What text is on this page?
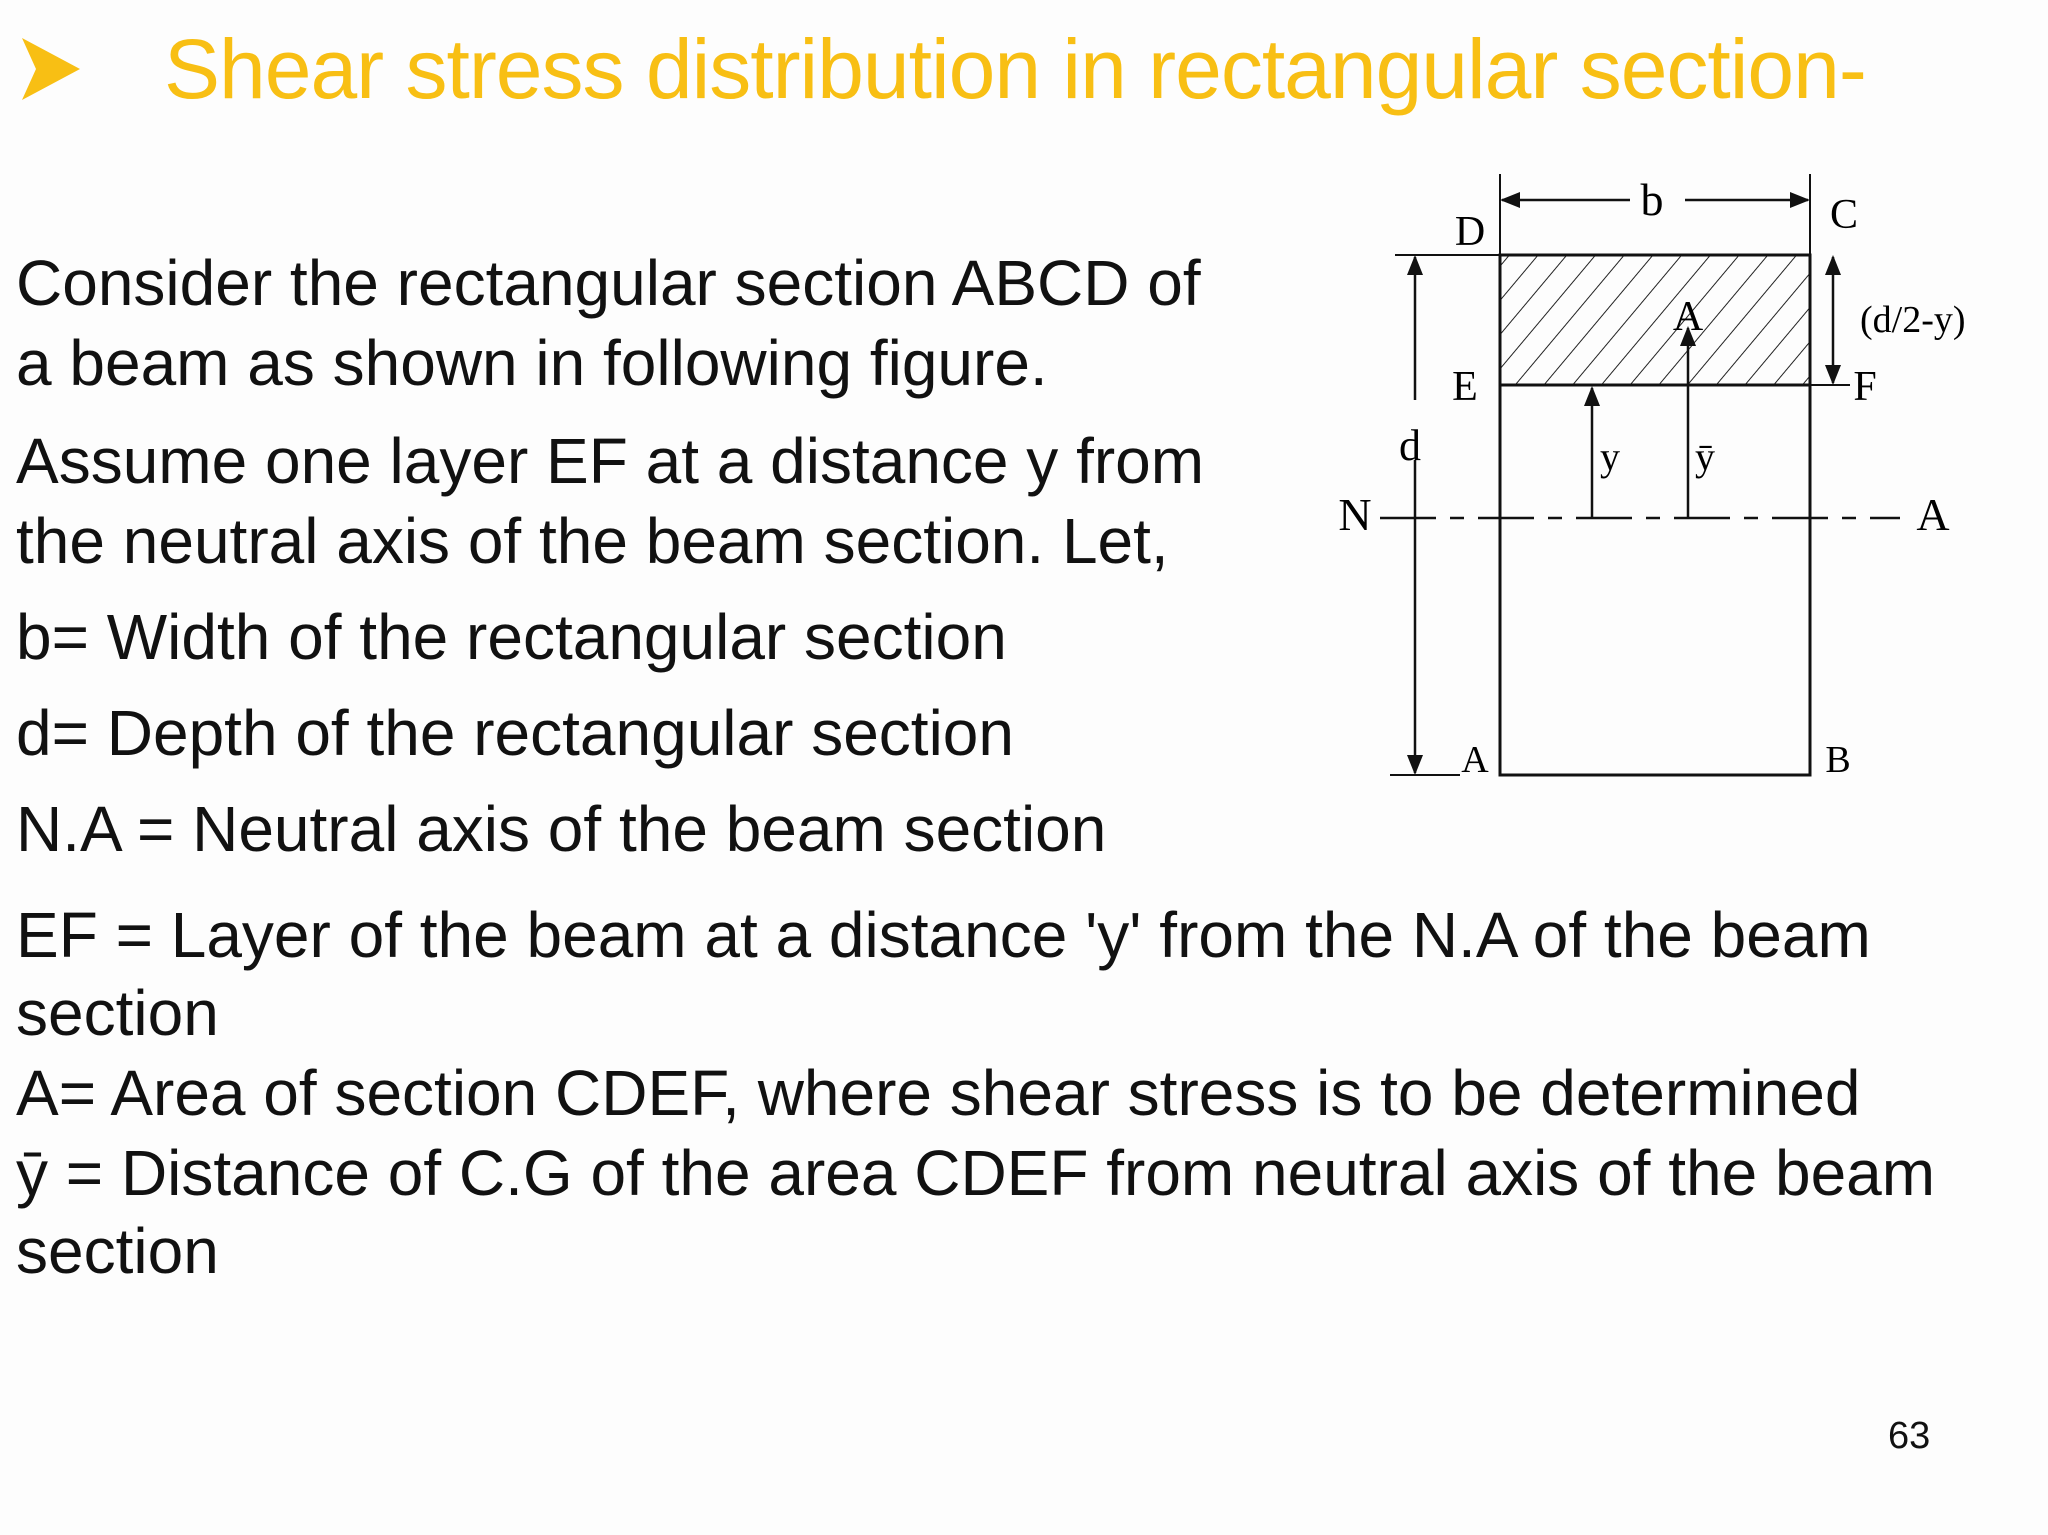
Shear stress distribution in rectangular section-
Consider the rectangular section ABCD of
a beam as shown in following figure.
Assume one layer EF at a distance y from
the neutral axis of the beam section. Let,
b= Width of the rectangular section
d= Depth of the rectangular section
N.A = Neutral axis of the beam section
EF = Layer of the beam at a distance 'y' from the N.A of the beam
section
A= Area of section CDEF, where shear stress is to be determined
ȳ = Distance of C.G of the area CDEF from neutral axis of the beam
section
D
b	C
A	(d/2-y)
E	F
d	y ȳ
N	A
A	B
63
